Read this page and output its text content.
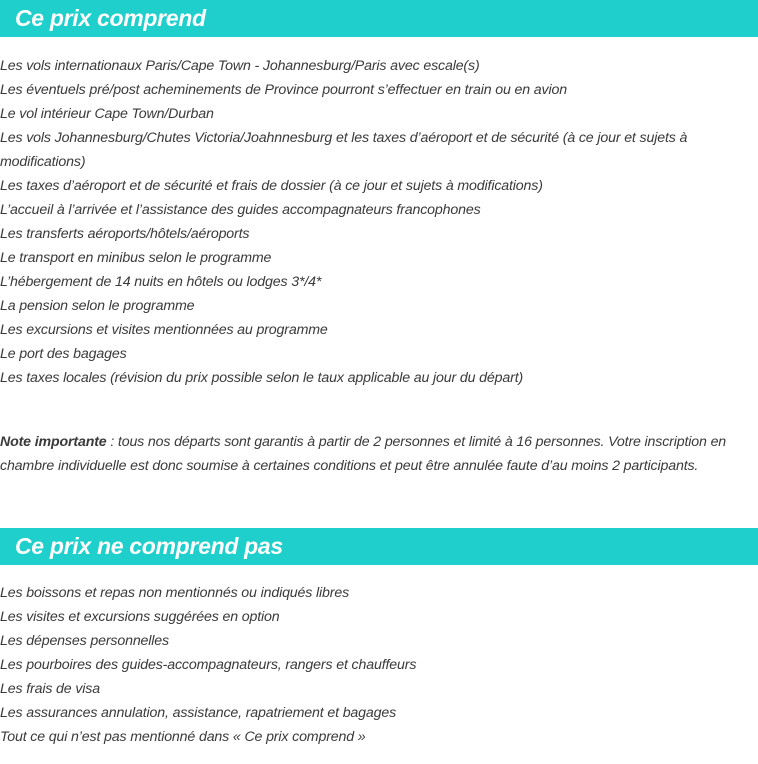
Ce prix comprend
Les vols internationaux Paris/Cape Town - Johannesburg/Paris avec escale(s)
Les éventuels pré/post acheminements de Province pourront s’effectuer en train ou en avion
Le vol intérieur Cape Town/Durban
Les vols Johannesburg/Chutes Victoria/Joahnnesburg et les taxes d’aéroport et de sécurité (à ce jour et sujets à modifications)
Les taxes d’aéroport et de sécurité et frais de dossier (à ce jour et sujets à modifications)
L’accueil à l’arrivée et l’assistance des guides accompagnateurs francophones
Les transferts aéroports/hôtels/aéroports
Le transport en minibus selon le programme
L’hébergement de 14 nuits en hôtels ou lodges 3*/4*
La pension selon le programme
Les excursions et visites mentionnées au programme
Le port des bagages
Les taxes locales (révision du prix possible selon le taux applicable au jour du départ)

Note importante : tous nos départs sont garantis à partir de 2 personnes et limité à 16 personnes. Votre inscription en chambre individuelle est donc soumise à certaines conditions et peut être annulée faute d’au moins 2 participants.

Ce prix ne comprend pas
Les boissons et repas non mentionnés ou indiqués libres
Les visites et excursions suggérées en option
Les dépenses personnelles
Les pourboires des guides-accompagnateurs, rangers et chauffeurs
Les frais de visa
Les assurances annulation, assistance, rapatriement et bagages
Tout ce qui n’est pas mentionné dans « Ce prix comprend »
